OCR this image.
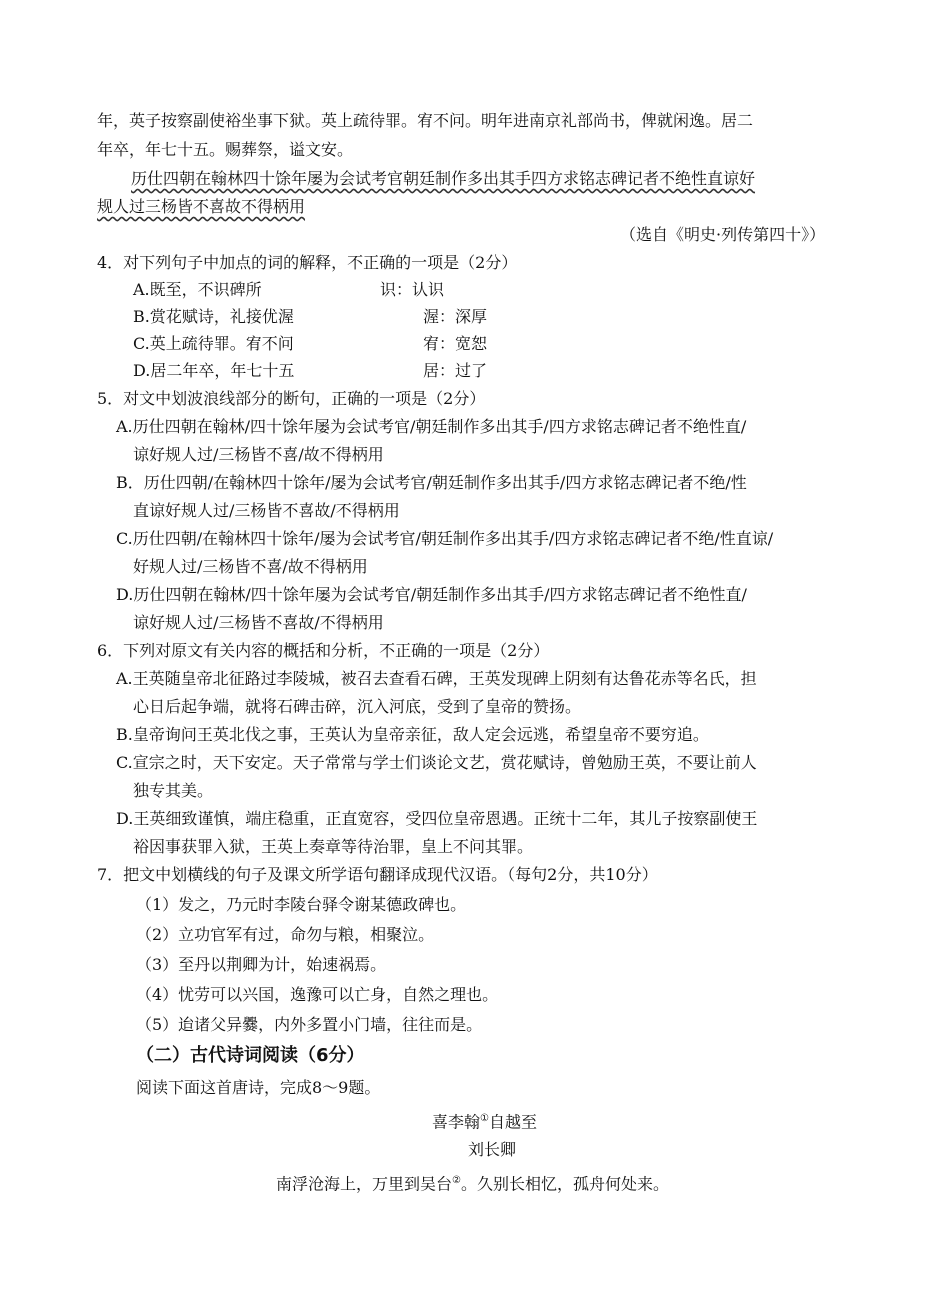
年，英子按察副使裕坐事下狱。英上疏待罪。宥不问。明年进南京礼部尚书，俾就闲逸。居二
年卒，年七十五。赐葬祭，谥文安。
历仕四朝在翰林四十馀年屡为会试考官朝廷制作多出其手四方求铭志碑记者不绝性直谅好
规人过三杨皆不喜故不得柄用
（选自《明史·列传第四十》）
4．对下列句子中加点的词的解释，不正确的一项是（2分）
A.既至，不识碑所	识：认识
B.赏花赋诗，礼接优渥	渥：深厚
C.英上疏待罪。宥不问	宥：宽恕
D.居二年卒，年七十五	居：过了
5．对文中划波浪线部分的断句，正确的一项是（2分）
A.历仕四朝在翰林/四十馀年屡为会试考官/朝廷制作多出其手/四方求铭志碑记者不绝性直/
谅好规人过/三杨皆不喜/故不得柄用
B．历仕四朝/在翰林四十馀年/屡为会试考官/朝廷制作多出其手/四方求铭志碑记者不绝/性
直谅好规人过/三杨皆不喜故/不得柄用
C.历仕四朝/在翰林四十馀年/屡为会试考官/朝廷制作多出其手/四方求铭志碑记者不绝/性直谅/
好规人过/三杨皆不喜/故不得柄用
D.历仕四朝在翰林/四十馀年屡为会试考官/朝廷制作多出其手/四方求铭志碑记者不绝性直/
谅好规人过/三杨皆不喜故/不得柄用
6．下列对原文有关内容的概括和分析，不正确的一项是（2分）
A.王英随皇帝北征路过李陵城，被召去查看石碑，王英发现碑上阴刻有达鲁花赤等名氏，担
心日后起争端，就将石碑击碎，沉入河底，受到了皇帝的赞扬。
B.皇帝询问王英北伐之事，王英认为皇帝亲征，敌人定会远逃，希望皇帝不要穷追。
C.宣宗之时，天下安定。天子常常与学士们谈论文艺，赏花赋诗，曾勉励王英，不要让前人
独专其美。
D.王英细致谨慎，端庄稳重，正直宽容，受四位皇帝恩遇。正统十二年，其儿子按察副使王
裕因事获罪入狱，王英上奏章等待治罪，皇上不问其罪。
7．把文中划横线的句子及课文所学语句翻译成现代汉语。（每句2分，共10分）
（1）发之，乃元时李陵台驿令谢某德政碑也。
（2）立功官军有过，命勿与粮，相聚泣。
（3）至丹以荆卿为计，始速祸焉。
（4）忧劳可以兴国，逸豫可以亡身，自然之理也。
（5）迨诸父异爨，内外多置小门墙，往往而是。
（二）古代诗词阅读（6分）
阅读下面这首唐诗，完成8～9题。
喜李翰①自越至
刘长卿
南浮沧海上，万里到吴台②。久别长相忆，孤舟何处来。
